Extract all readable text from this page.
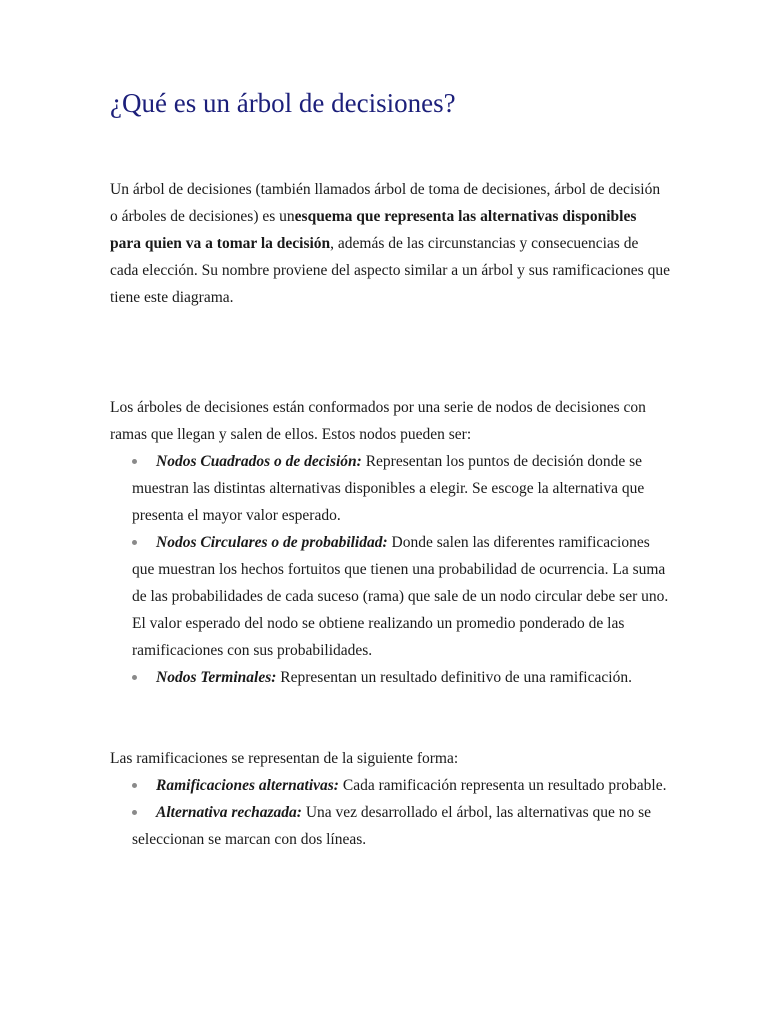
¿Qué es un árbol de decisiones?

Un árbol de decisiones (también llamados árbol de toma de decisiones, árbol de decisión o árboles de decisiones) es unesquema que representa las alternativas disponibles para quien va a tomar la decisión, además de las circunstancias y consecuencias de cada elección. Su nombre proviene del aspecto similar a un árbol y sus ramificaciones que tiene este diagrama.

Los árboles de decisiones están conformados por una serie de nodos de decisiones con ramas que llegan y salen de ellos. Estos nodos pueden ser:

Nodos Cuadrados o de decisión: Representan los puntos de decisión donde se muestran las distintas alternativas disponibles a elegir. Se escoge la alternativa que presenta el mayor valor esperado.
Nodos Circulares o de probabilidad: Donde salen las diferentes ramificaciones que muestran los hechos fortuitos que tienen una probabilidad de ocurrencia. La suma de las probabilidades de cada suceso (rama) que sale de un nodo circular debe ser uno. El valor esperado del nodo se obtiene realizando un promedio ponderado de las ramificaciones con sus probabilidades.
Nodos Terminales: Representan un resultado definitivo de una ramificación.

Las ramificaciones se representan de la siguiente forma:

Ramificaciones alternativas: Cada ramificación representa un resultado probable.
Alternativa rechazada: Una vez desarrollado el árbol, las alternativas que no se seleccionan se marcan con dos líneas.
